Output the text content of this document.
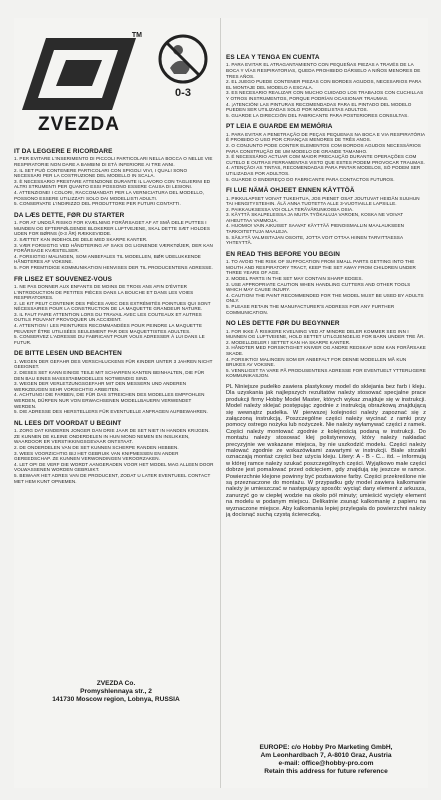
TM
ZVEZDA
0-3
IT DA LEGGERE E RICORDARE

1. PER EVITARE L'INSERIMENTO DI PICCOLI PARTICOLARI NELLA BOCCA O NELLE VIE RESPIRATORIE NON DARE A BAMBINI DI ETÀ INFERIORE AI TRE ANNI.

2. IL SET PUÒ CONTENERE PARTICOLARI CON SPIGOLI VIVI, I QUALI SONO NECESSARI PER LA COSTRUZIONE DEL MODELLO IN SCALA.

3. È NECESSARIO PRESTARE ATTENZIONE DURANTE IL LAVORO CON TAGLIERINI ED ALTRI STRUMENTI PER QUANTO ESSI POSSONO ESSERE CAUSA DI LESIONI.

4. ATTENZIONE! I COLORI, RACCOMANDATI PER LA VERNICIATURA DEL MODELLO, POSSONO ESSERE UTILIZZATI SOLO DAI MODELLISTI ADULTI.

5. CONSERVATE L'INDIRIZZO DEL PRODUTTORE PER FUTURI CONTATTI.

DA LÆS DETTE, FØR DU STARTER

1. FOR AT UNDGÅ RISIKO FOR KVÆLNING FORÅRSAGET AF AT SMÅ DELE PUTTES I MUNDEN OG EFTERFØLGENDE BLOKERER LUFTVEJENE, SKAL DETTE SÆT HOLDES UDEN FOR BØRNS (0-3 ÅR) RÆKKEVIDDE.

2. SÆTTET KAN INDEHOLDE DELE MED SKARPE KANTER.

3. VÆR FORSIGTIG VED HÅNDTERING AF SAKS OG LIGNENDE VÆRKTØJER, DER KAN FORÅRSAGE KVÆSTELSER.

4. FORSIGTIG! MALINGEN, SOM ANBEFALES TIL MODELLEN, BØR UDELUKKENDE HÅNDTERES AF VOKSNE.

5. FOR FREMTIDIGE KOMMUNIKATION HENVISES DER TIL PRODUCENTENS ADRESSE.

FR LISEZ ET SOUVENEZ-VOUS

1. NE PAS DONNER AUX ENFANTS DE MOINS DE TROIS ANS AFIN D'ÉVITER L'INTRODUCTION DE PETITES PIÈCES DANS LA BOUCHE ET DANS LES VOIES RESPIRATOIRES.

2. LE KIT PEUT CONTENIR DES PIÈCES AVEC DES EXTRÉMITÉS POINTUES QUI SONT NÉCESSAIRES POUR LA CONSTRUCTION DE LA MAQUETTE GRANDEUR NATURE.

3. IL FAUT FAIRE ATTENTION LORS DU TRAVAIL AVEC LES COUTEAUX ET AUTRES OUTILS POUVANT PROVOQUER UN ACCIDENT.

4. ATTENTION ! LES PEINTURES RECOMMANDÉES POUR PEINDRE LA MAQUETTE PEUVENT ÊTRE UTILISÉES SEULEMENT PAR DES MAQUETTISTES ADULTES.

5. CONSERVEZ L'ADRESSE DU FABRICANT POUR VOUS ADRESSER À LUI DANS LE FUTUR.

DE BITTE LESEN UND BEACHTEN

1. WEGEN DER GEFAHR DES VERSCHLUCKENS FÜR KINDER UNTER 3 JAHREN NICHT GEEIGNET.

2. DIESES SET KANN EINIGE TEILE MIT SCHARFEN KANTEN BEINHALTEN, DIE FÜR DEN BAU EINES MASSSTABMODELLES NOTWENDIG SIND.

3. WEGEN DER VERLETZUNGSGEFAHR MIT DEN MESSERN UND ANDEREN WERKZEUGEN SEHR VORSICHTIG ARBEITEN.

4. ACHTUNG! DIE FARBEN, DIE FÜR DAS STREICHEN DES MODELLES EMPFOHLEN WERDEN, DÜRFEN NUR VON ERWACHSENEN MODELLBAUERN VERWENDET WERDEN.

5. DIE ADRESSE DES HERSTELLERS FÜR EVENTUELLE ANFRAGEN AUFBEWAHREN.

NL LEES DIT VOORDAT U BEGINT

1. ZORG DAT KINDEREN JONGER DAN DRIE JAAR DE SET NIET IN HANDEN KRIJGEN. ZE KUNNEN DE KLEINE ONDERDELEN IN HUN MOND NEMEN EN INSLIKKEN, WAARDOOR ER VERSTIKKINGSGEVAAR ONTSTAAT.

2. DE ONDERDELEN VAN DE SET KUNNEN SCHERPE RANDEN HEBBEN.

3. WEES VOORZICHTIG BIJ HET GEBRUIK VAN KNIPMESSEN EN ANDER GEREEDSCHAP. ZE KUNNEN VERWONDINGEN VEROORZAKEN.

4. LET OP! DE VERF DIE WORDT AANGERADEN VOOR HET MODEL MAG ALLEEN DOOR VOLWASSENEN WORDEN GEBRUIKT.

5. BEWAAR HET ADRES VAN DE PRODUCENT, ZODAT U LATER EVENTUEEL CONTACT MET HEM KUNT OPNEMEN.

ES LEA Y TENGA EN CUENTA

1. PARA EVITAR EL ATRAGANTAMIENTO CON PEQUEÑAS PIEZAS A TRAVÉS DE LA BOCA Y VÍAS RESPIRATORIAS, QUEDA PROHIBIDO DÁRSELO A NIÑOS MENORES DE TRES AÑOS.

2. EL JUEGO PUEDE CONTENER PIEZAS CON BORDES AGUDOS, NECESARIOS PARA EL MONTAJE DEL MODELO A ESCALA.

3. ES NECESARIO REALIZAR CON MUCHO CUIDADO LOS TRABAJOS CON CUCHILLAS Y OTROS INSTRUMENTOS, PORQUE PODRÍAN OCASIONAR TRAUMAS.

4. ¡ATENCIÓN! LAS PINTURAS RECOMENDADAS PARA EL PINTADO DEL MODELO PUEDEN SER UTILIZADAS SOLO POR MODELISTAS ADULTOS.

5. GUARDE LA DIRECCIÓN DEL FABRICANTE PARA POSTERIORES CONSULTAS.

PT LEIA E GUARDE EM MEMÓRIA

1. PARA EVITAR A PENETRAÇÃO DE PEÇAS PEQUENAS NA BOCA E VIA RESPIRATÓRIA É PROIBIDO O USO POR CRIANÇAS MENORES DE TRÊS ANOS.

2. O CONJUNTO PODE CONTER ELEMENTOS COM BORDOS AGUDOS NECESSÁRIOS PARA CONSTRUÇÃO DE UM MODELO DE GRANDE TAMANHO.

3. É NECESSÁRIO ACTUAR COM MAIOR PRECAUÇÃO DURANTE OPERAÇÕES COM CUTELO E OUTRAS FERRAMENTAS VISTO QUE ESTES PODEM PROVOCAR TRAUMAS.

4. ATENÇÃO! AS TINTAS, RECOMENDADAS PARA PINTAR MODELOS, SÓ PODEM SER UTILIZADAS POR ADULTOS.

5. GUARDE O ENDEREÇO DO FABRICANTE PARA CONTACTOS FUTUROS.

FI LUE NÄMÄ OHJEET ENNEN KÄYTTÖÄ

1. PIKKULAPSET VOIVAT TUKEHTUA, JOS PIENET OSAT JOUTUVAT HEIDÄN SUUHUN TAI HENGITYSTEIHIN. ÄLÄ ANNA TUOTETTA ALLE 3-VUOTIAILLE LAPSILLE.

2. PAIKKAUKSESSA VOI OLLA TERÄVÄRUNKOISIA OSIA.

3. KÄYTTÄ SKALPELEISSA JA MUITA TYÖKALUJA VAROEN, KOSKA NE VOIVAT AIHEUTTAA VAMMOJA.

4. HUOMIO! VAIN AIKUISET SAAVAT KÄYTTÄÄ PIENOISMALLIN MAALAUKSEEN TARKOITETTUJA MAALEJA.

5. SÄILYTÄ VALMISTAJAN OSOITE, JOTTA VOIT OTTAA HIINEN TARVITTAESSA YHTEYTTÄ.

EN READ THIS BEFORE YOU BEGIN

1. TO AVOID THE RISK OF SUFFOCATION FROM SMALL PARTS GETTING INTO THE MOUTH AND RESPIRATORY TRACT, KEEP THE SET AWAY FROM CHILDREN UNDER THREE YEARS OF AGE.

2. MODEL PARTS IN THE SET MAY CONTAIN SHARP EDGES.

3. USE APPROPRIATE CAUTION WHEN HANDLING CUTTERS AND OTHER TOOLS WHICH MAY CAUSE INJURY.

4. CAUTION! THE PAINT RECOMMENDED FOR THE MODEL MUST BE USED BY ADULTS ONLY.

5. PLEASE RETAIN THE MANUFACTURER'S ADDRESS FOR ANY FURTHER COMMUNICATION.

NO LES DETTE FØR DU BEGYNNER

1. FOR IKKE Å RISIKERE KVELNING VED AT MINDRE DELER KOMMER SEG INN I MUNNEN OG LUFTVEIENE, HOLD SETTET UTILGJENGELIG FOR BARN UNDER TRE ÅR.

2. MODELLDELER I SETTET KAN HA SKARPE KANTER.

3. HÅNDTER MED FORSIKTIGHET KNIVER OG ANDRE REDSKAP SOM KAN FORÅRSAKE SKADE.

4. FORSIKTIG! MALINGEN SOM ER ANBEFALT FOR DENNE MODELLEN MÅ KUN BRUKES AV VOKSNE.

5. VENNLIGST TA VARE PÅ PRODUSENTENS ADRESSE FOR EVENTUELT YTTERLIGERE KOMMUNIKASJON.

PL Niniejsze pudełko zawiera plastykowy model do sklejania bez farb i kleju. Dla uzyskania jak najlepszych rezultatów należy stosować specjalne prace produkcji firmy Hobby Model Master, których wykaz znajduje się w instrukcji. Model należy sklejać postępując zgodnie z instrukcją obrazkową znajdującą się wewnątrz pudełka. W pierwszej kolejności należy zapoznać się z załączoną instrukcją. Poszczególne części należy wycinać z ramki przy pomocy ostrego nożyka lub nożyczek. Nie należy wyłamywać części z ramek. Części należy montować zgodnie z kolejnością podaną w instrukcji. Do montażu należy stosować klej polistyrenowy, który należy nakładać precyzyjnie we wskazane miejsca, by nie uszkodzić modelu. Części należy malować zgodnie ze wskazówkami zawartymi w instrukcji. Białe strzałki oznaczają montaż części bez użycia kleju. Litery: A - B - C... itd. – informują w której ramce należy szukać poszczególnych części. Wyjątkowo małe części dobrze jest pomalować przed odcięciem, gdy znajdują się jeszcze w ramce. Powierzchnie klejone powinny być pozbawione farby. Części przekreślone nie są przeznaczone do montażu. W przypadku gdy model zawiera kalkomanie należy je umieszczać w następujący sposób: wyciąć dany element z arkusza, zanurzyć go w ciepłej wodzie na około pół minuty; umieścić wycięty element na modelu w podanym miejscu. Delikatnie zsunąć kalkomanię z papieru na wyznaczone miejsce. Aby kalkomania lepiej przylegała do powierzchni należy ją docisnąć suchą czystą ściereczką.

ZVEZDA Co.
Promyshlennaya str., 2
141730 Moscow region, Lobnya, RUSSIA
EUROPE: c/o Hobby Pro Marketing GmbH,
Am Leonhardbach 7, A-8010 Graz, Austria
e-mail: office@hobby-pro.com
Retain this address for future reference
